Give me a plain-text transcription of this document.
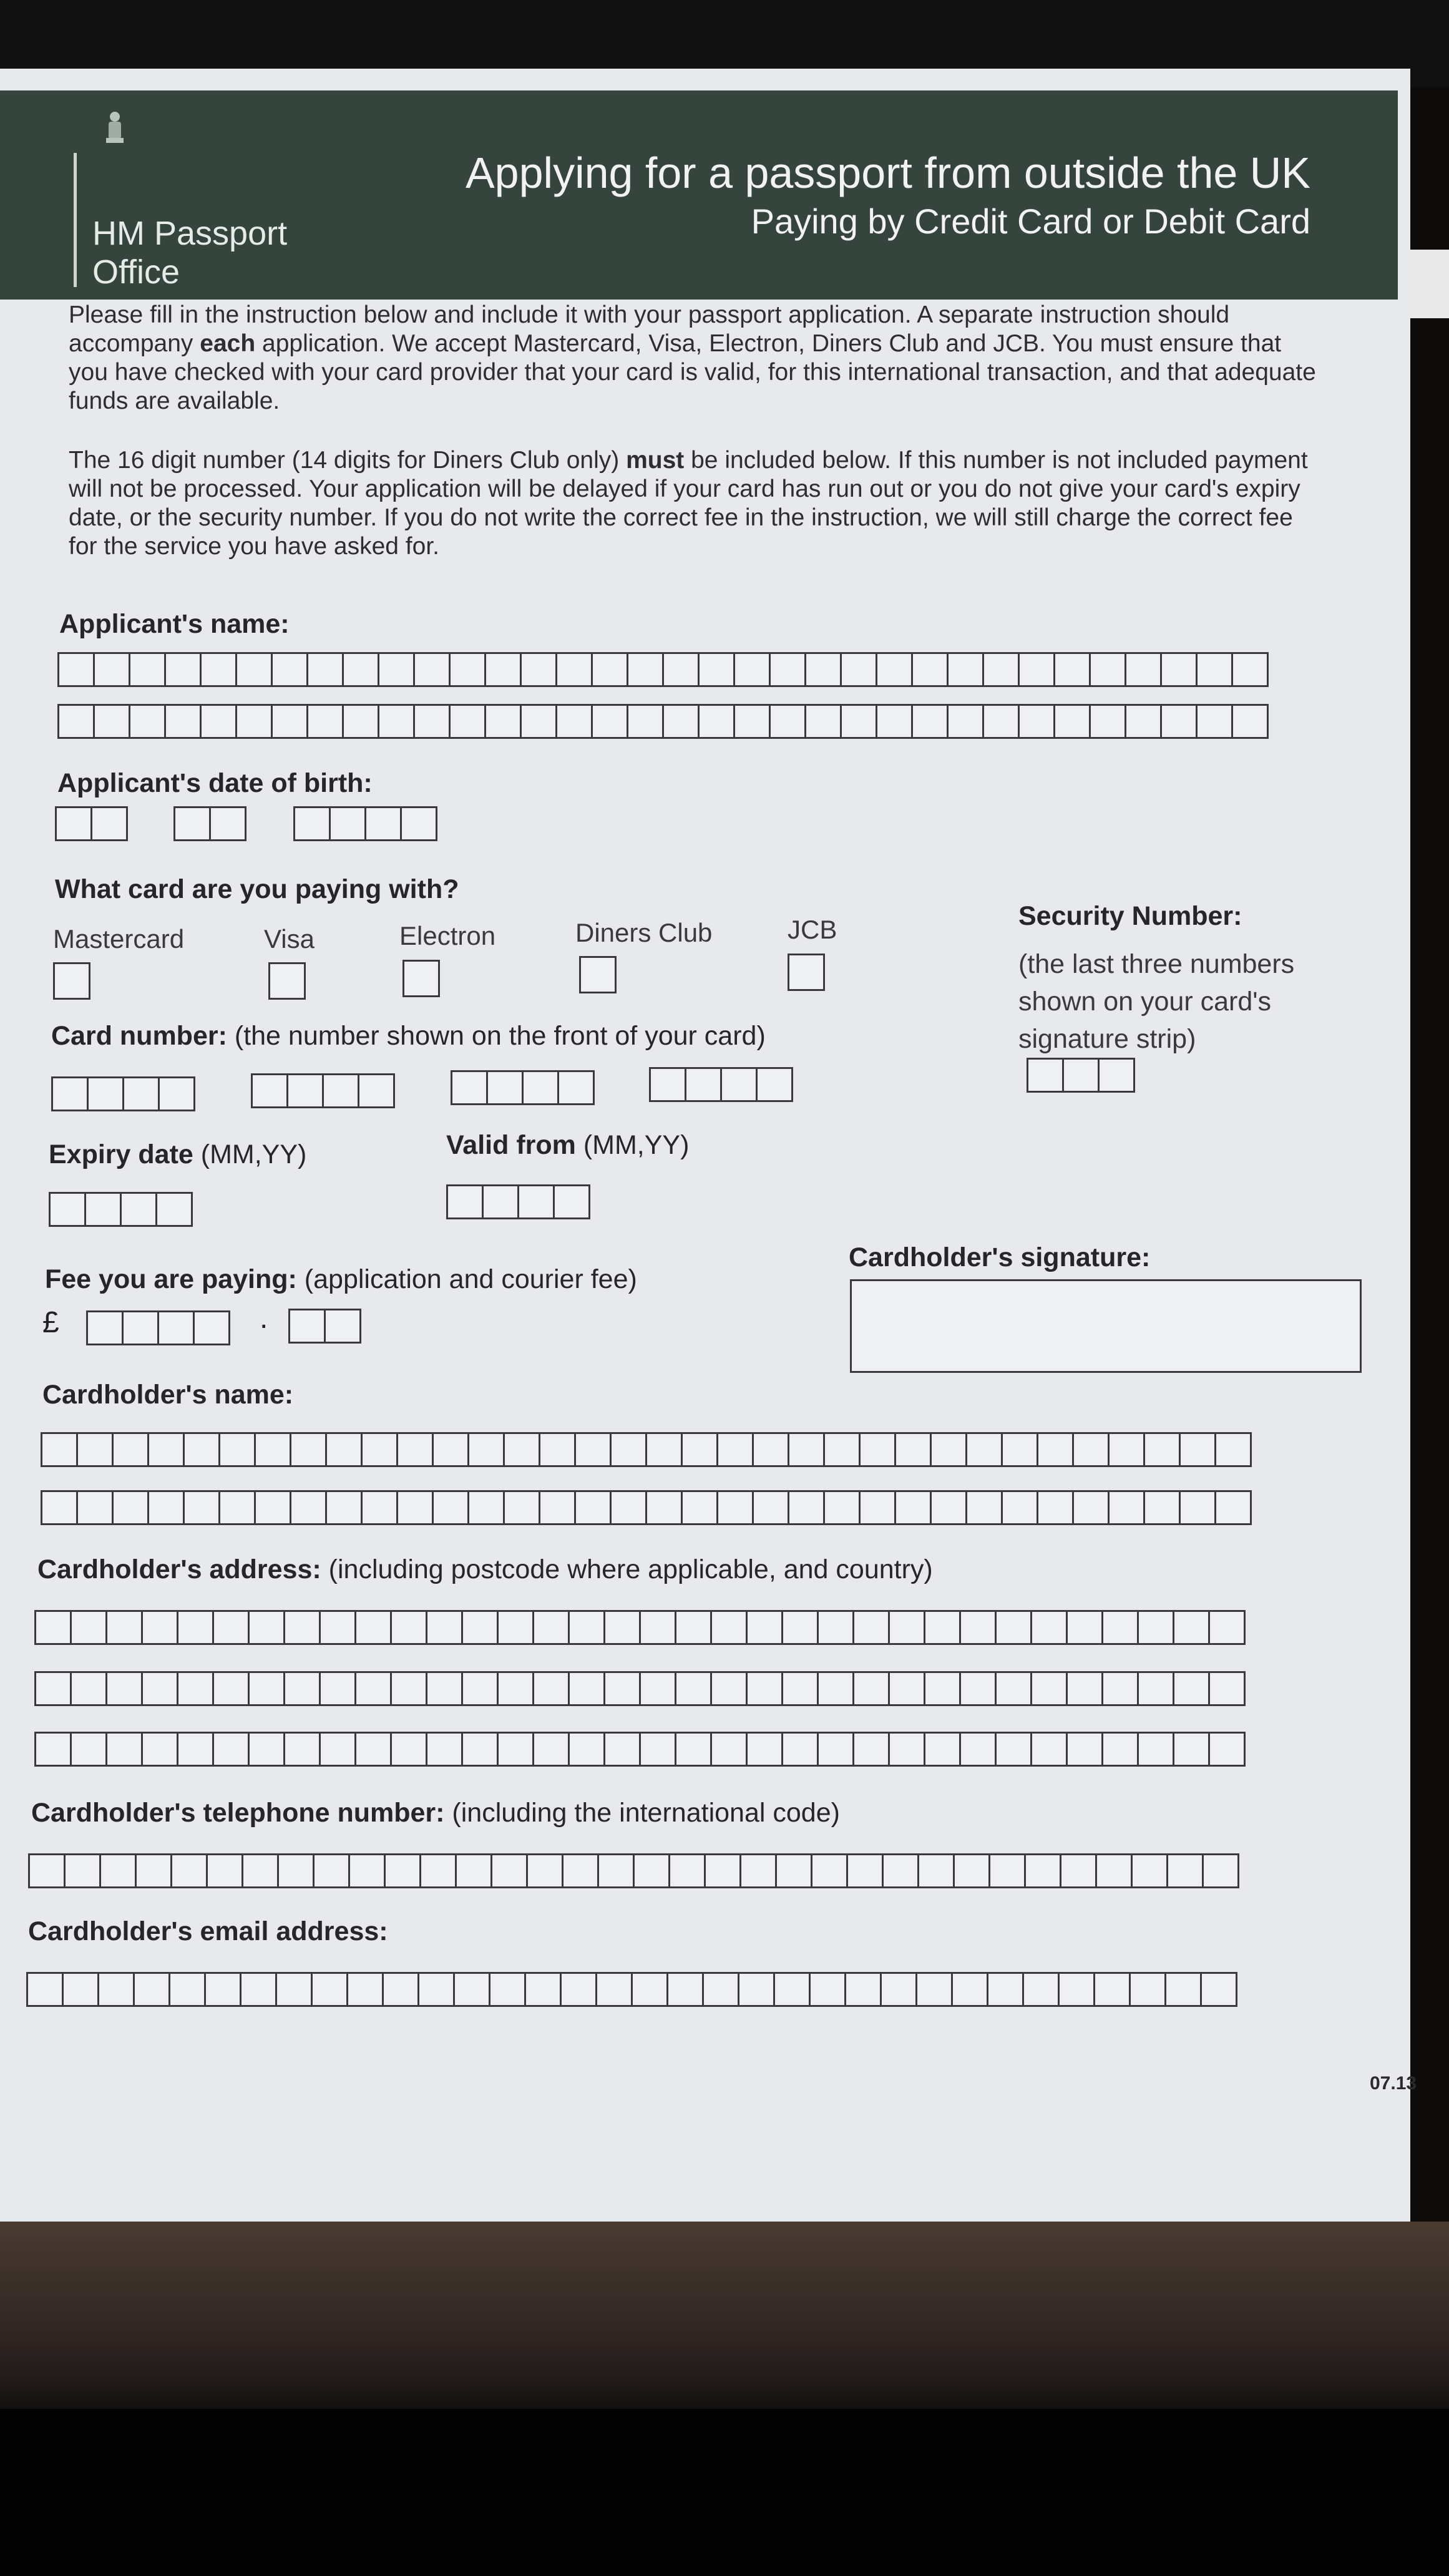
HM Passport
Office
Applying for a passport from outside the UK
Paying by Credit Card or Debit Card

Please fill in the instruction below and include it with your passport application. A separate instruction should accompany each application. We accept Mastercard, Visa, Electron, Diners Club and JCB. You must ensure that you have checked with your card provider that your card is valid, for this international transaction, and that adequate funds are available.

The 16 digit number (14 digits for Diners Club only) must be included below. If this number is not included payment will not be processed. Your application will be delayed if your card has run out or you do not give your card's expiry date, or the security number. If you do not write the correct fee in the instruction, we will still charge the correct fee for the service you have asked for.

Applicant's name:
Applicant's date of birth:
What card are you paying with?
Mastercard	Visa	Electron	Diners Club	JCB	Security Number:

(the last three numbers shown on your card's signature strip)

Card number: (the number shown on the front of your card)
Expiry date (MM,YY)	Valid from (MM,YY)
Fee you are paying: (application and courier fee)
£	.
Cardholder's signature:
Cardholder's name:
Cardholder's address: (including postcode where applicable, and country)
Cardholder's telephone number: (including the international code)
Cardholder's email address:
07.13
